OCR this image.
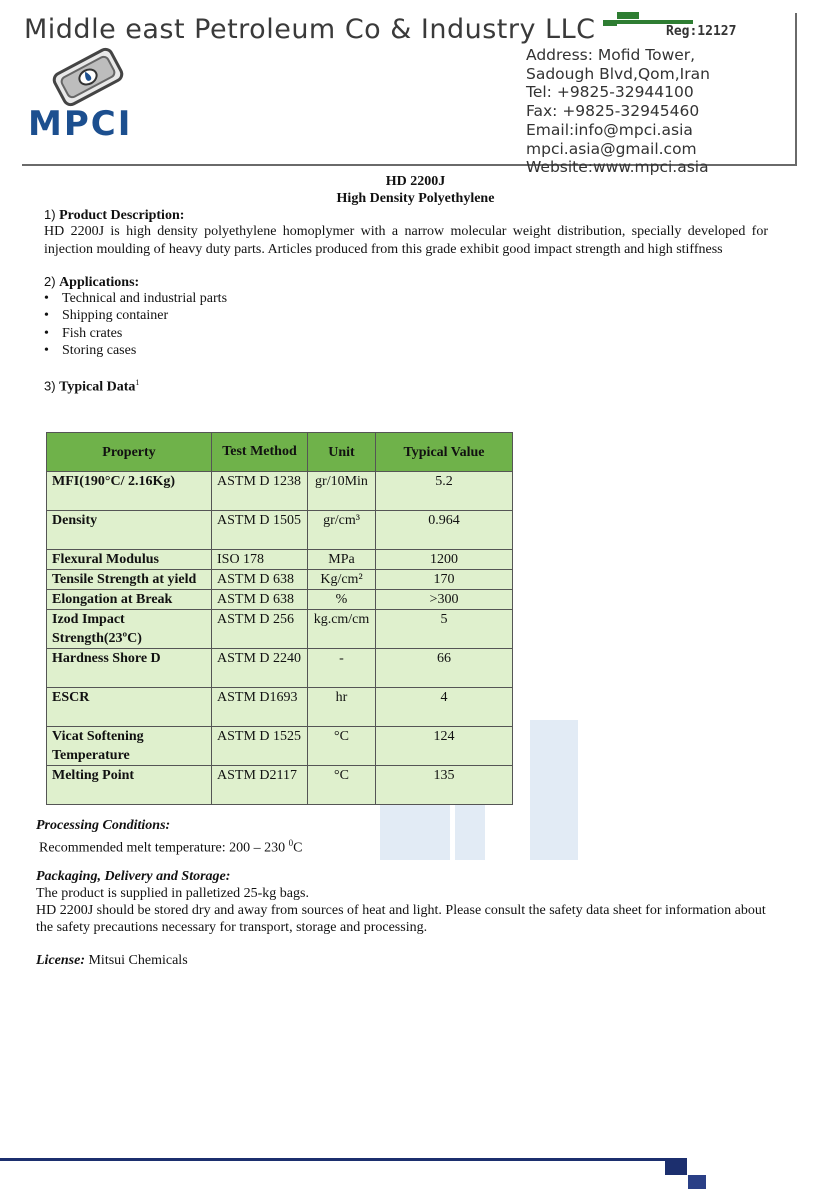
Middle east Petroleum Co & Industry LLC	Reg:12127
Address: Mofid Tower,
Sadough Blvd,Qom,Iran
Tel: +9825-32944100
Fax: +9825-32945460
Email:info@mpci.asia
mpci.asia@gmail.com
Website:www.mpci.asia
MPCI
HD 2200J
High Density Polyethylene
1) Product Description:
HD 2200J is high density polyethylene homoplymer with a narrow molecular weight distribution, specially developed for injection moulding of heavy duty parts. Articles produced from this grade exhibit good impact strength and high stiffness
2) Applications:
• Technical and industrial parts
• Shipping container
• Fish crates
• Storing cases
3) Typical Data$^1$
Property	Test Method	Unit	Typical Value
MFI(190°C/ 2.16Kg)	ASTM D 1238	gr/10Min	5.2
Density	ASTM D 1505	gr/cm³	0.964
Flexural Modulus	ISO 178	MPa	1200
Tensile Strength at yield	ASTM D 638	Kg/cm²	170
Elongation at Break	ASTM D 638	%	>300
Izod Impact Strength(23ºC)	ASTM D 256	kg.cm/cm	5
Hardness Shore D	ASTM D 2240	-	66
ESCR	ASTM D1693	hr	4
Vicat Softening Temperature	ASTM D 1525	°C	124
Melting Point	ASTM D2117	°C	135
Processing Conditions:
Recommended melt temperature: 200 – 230 $^0$C
Packaging, Delivery and Storage:
The product is supplied in palletized 25-kg bags.
HD 2200J should be stored dry and away from sources of heat and light. Please consult the safety data sheet for information about the safety precautions necessary for transport, storage and processing.
License: Mitsui Chemicals
